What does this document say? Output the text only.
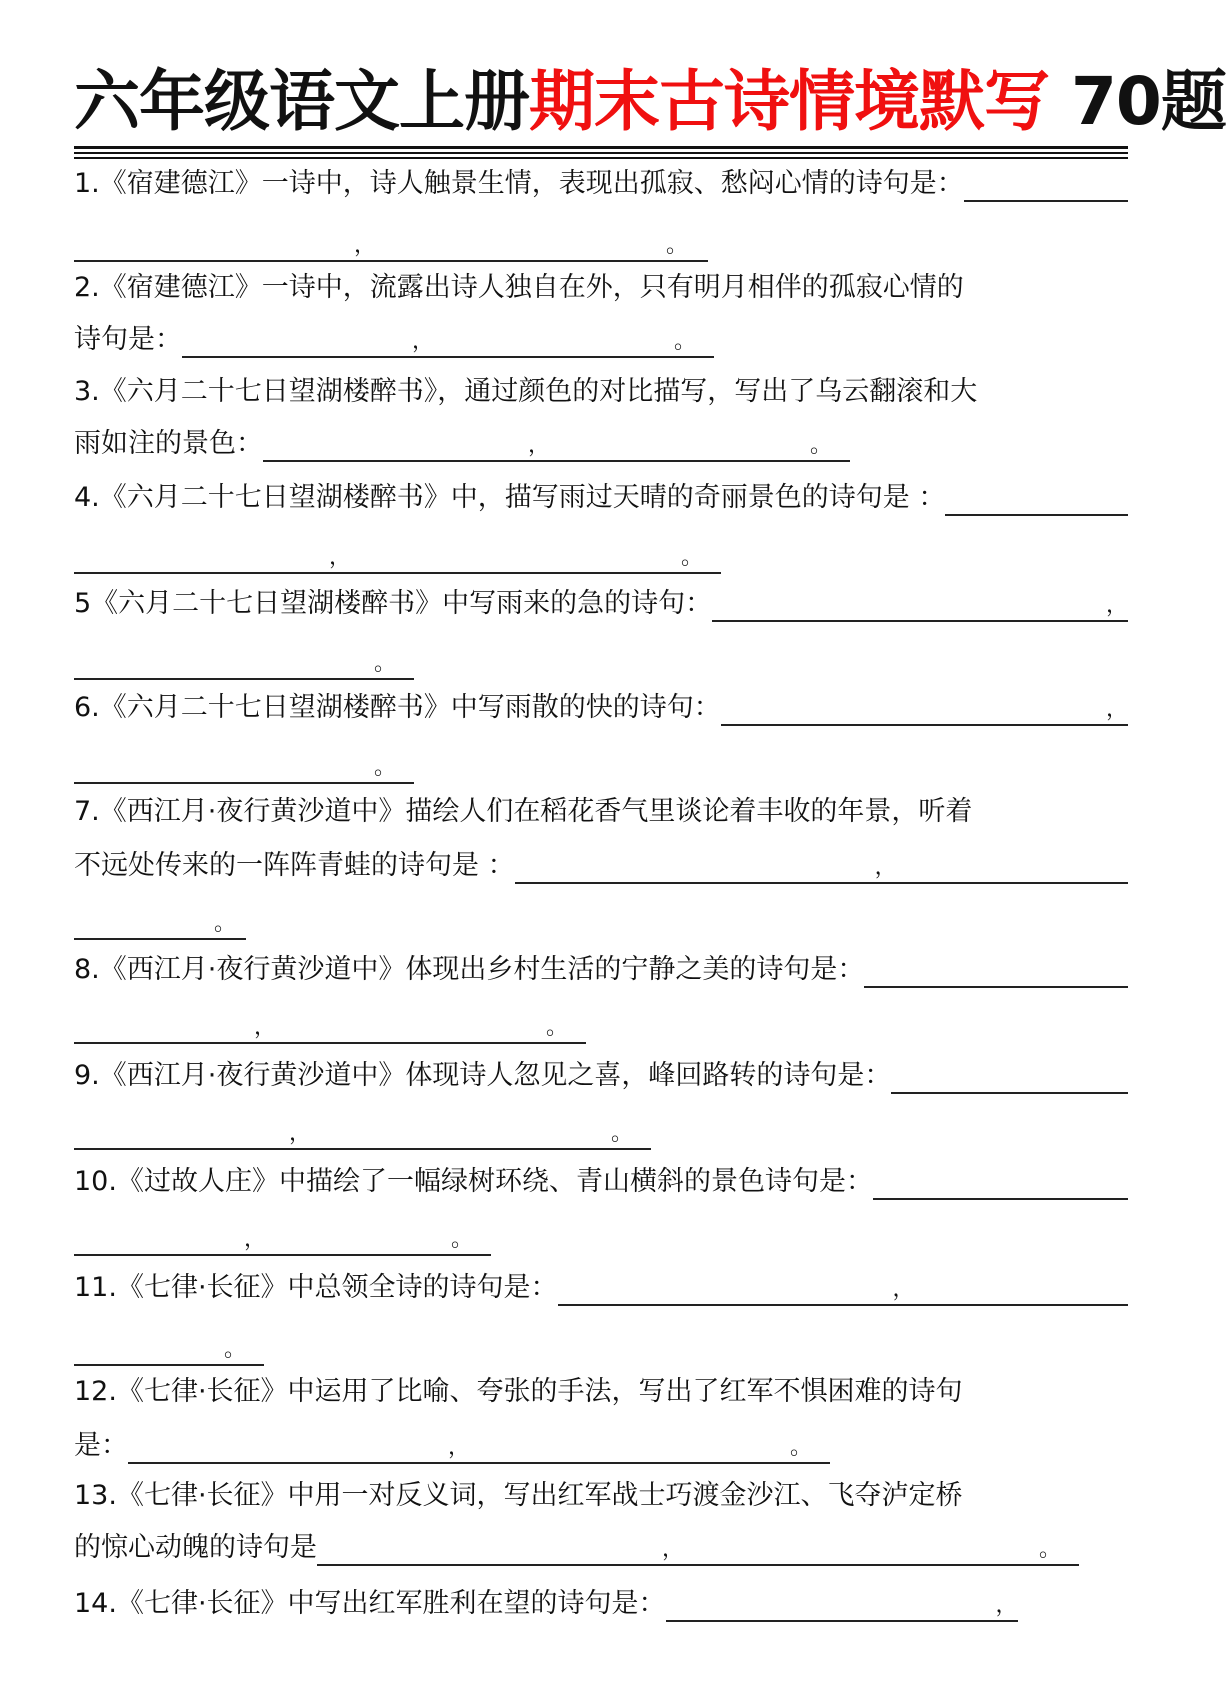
六年级语文上册期末古诗情境默写 70题
1.《宿建德江》一诗中，诗人触景生情，表现出孤寂、愁闷心情的诗句是：
，	。
2.《宿建德江》一诗中，流露出诗人独自在外，只有明月相伴的孤寂心情的
诗句是：	，	。
3.《六月二十七日望湖楼醉书》，通过颜色的对比描写，写出了乌云翻滚和大
雨如注的景色：	，	。
4.《六月二十七日望湖楼醉书》中，描写雨过天晴的奇丽景色的诗句是 ：
，	。
5《六月二十七日望湖楼醉书》中写雨来的急的诗句：	，
。
6.《六月二十七日望湖楼醉书》中写雨散的快的诗句：	，
。
7.《西江月·夜行黄沙道中》描绘人们在稻花香气里谈论着丰收的年景，听着
不远处传来的一阵阵青蛙的诗句是 ：	，
。
8.《西江月·夜行黄沙道中》体现出乡村生活的宁静之美的诗句是：
，	。
9.《西江月·夜行黄沙道中》体现诗人忽见之喜，峰回路转的诗句是：
，	。
10.《过故人庄》中描绘了一幅绿树环绕、青山横斜的景色诗句是：
，	。
11.《七律·长征》中总领全诗的诗句是：	，
。
12.《七律·长征》中运用了比喻、夸张的手法，写出了红军不惧困难的诗句
是：	，	。
13.《七律·长征》中用一对反义词，写出红军战士巧渡金沙江、飞夺泸定桥
的惊心动魄的诗句是	，	。
14.《七律·长征》中写出红军胜利在望的诗句是：	，
